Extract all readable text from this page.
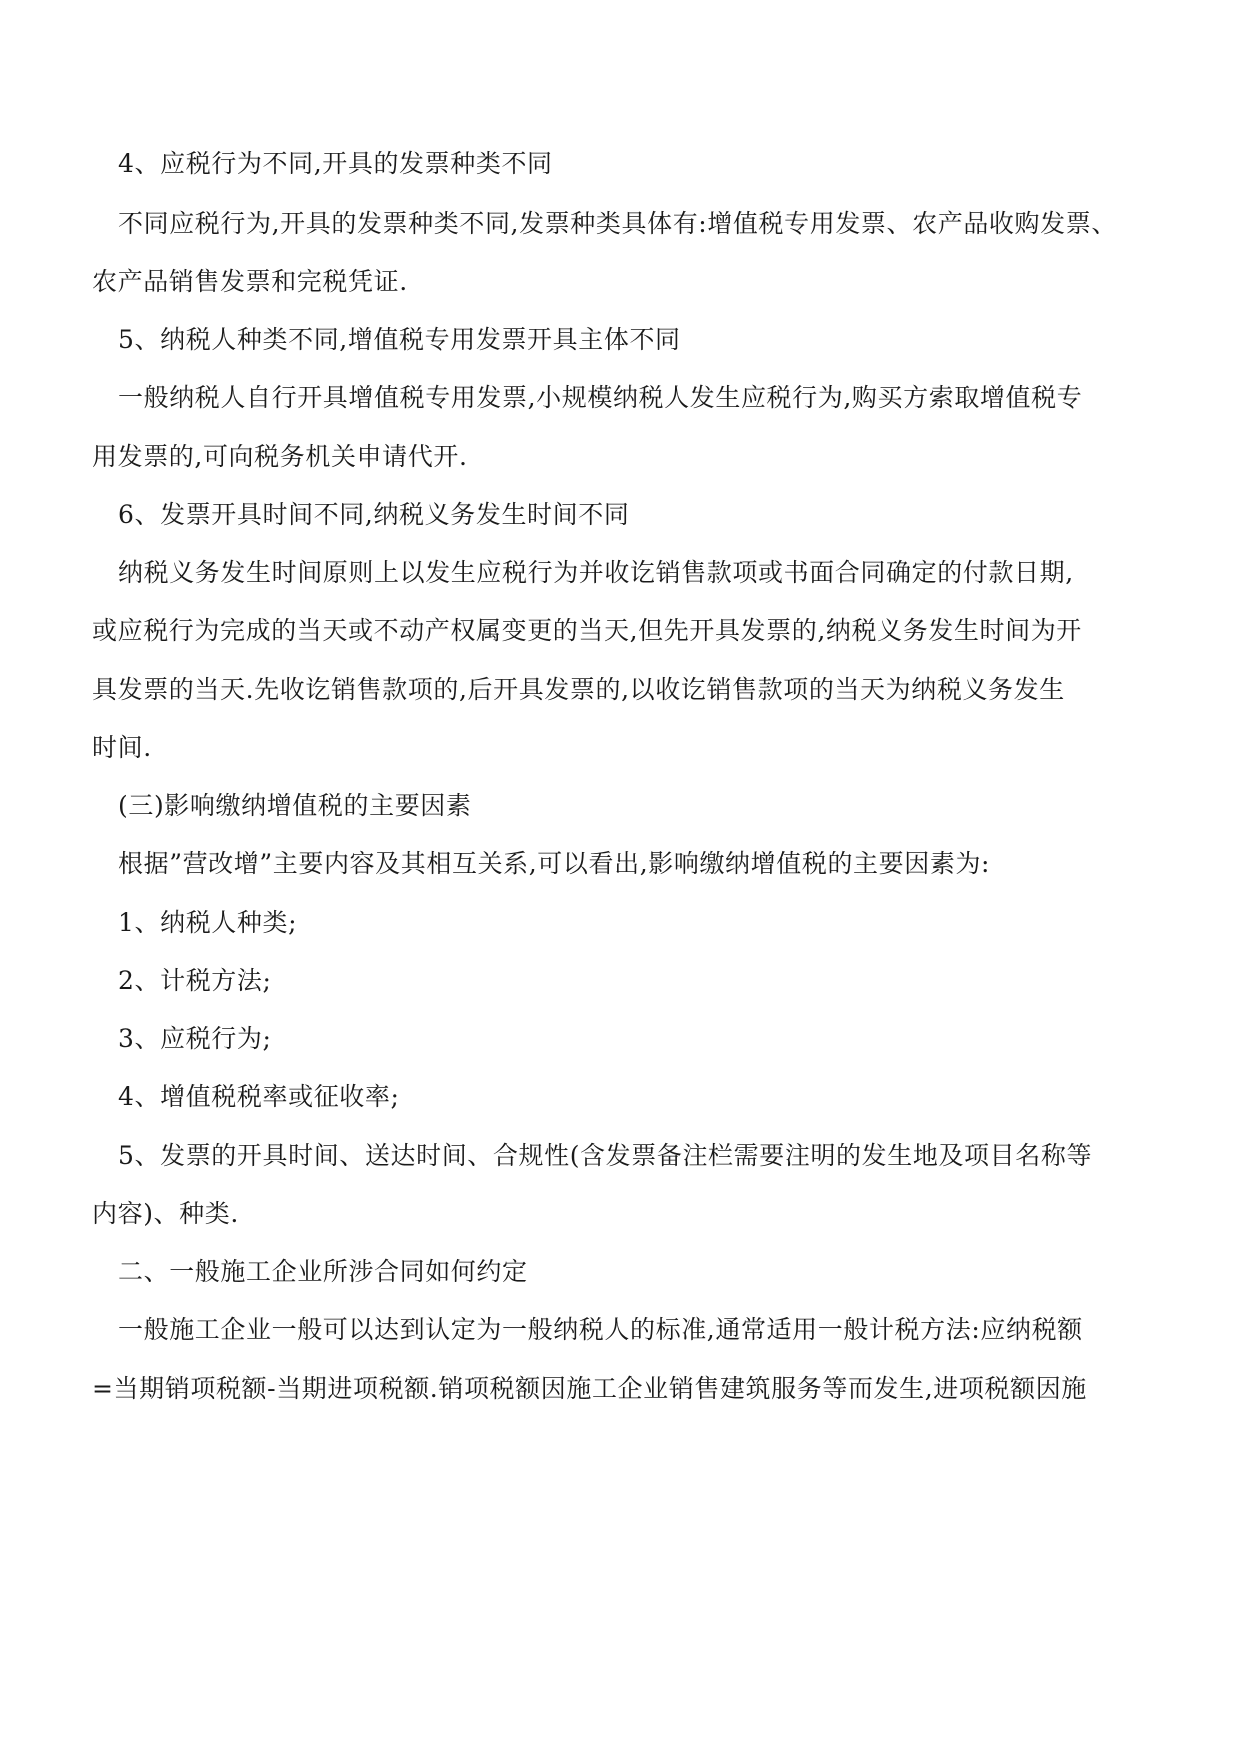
4、应税行为不同,开具的发票种类不同
不同应税行为,开具的发票种类不同,发票种类具体有:增值税专用发票、农产品收购发票、
农产品销售发票和完税凭证.
5、纳税人种类不同,增值税专用发票开具主体不同
一般纳税人自行开具增值税专用发票,小规模纳税人发生应税行为,购买方索取增值税专
用发票的,可向税务机关申请代开.
6、发票开具时间不同,纳税义务发生时间不同
纳税义务发生时间原则上以发生应税行为并收讫销售款项或书面合同确定的付款日期,
或应税行为完成的当天或不动产权属变更的当天,但先开具发票的,纳税义务发生时间为开
具发票的当天.先收讫销售款项的,后开具发票的,以收讫销售款项的当天为纳税义务发生
时间.
(三)影响缴纳增值税的主要因素
根据”营改增”主要内容及其相互关系,可以看出,影响缴纳增值税的主要因素为:
1、纳税人种类;
2、计税方法;
3、应税行为;
4、增值税税率或征收率;
5、发票的开具时间、送达时间、合规性(含发票备注栏需要注明的发生地及项目名称等
内容)、种类.
二、一般施工企业所涉合同如何约定
一般施工企业一般可以达到认定为一般纳税人的标准,通常适用一般计税方法:应纳税额
=当期销项税额-当期进项税额.销项税额因施工企业销售建筑服务等而发生,进项税额因施
